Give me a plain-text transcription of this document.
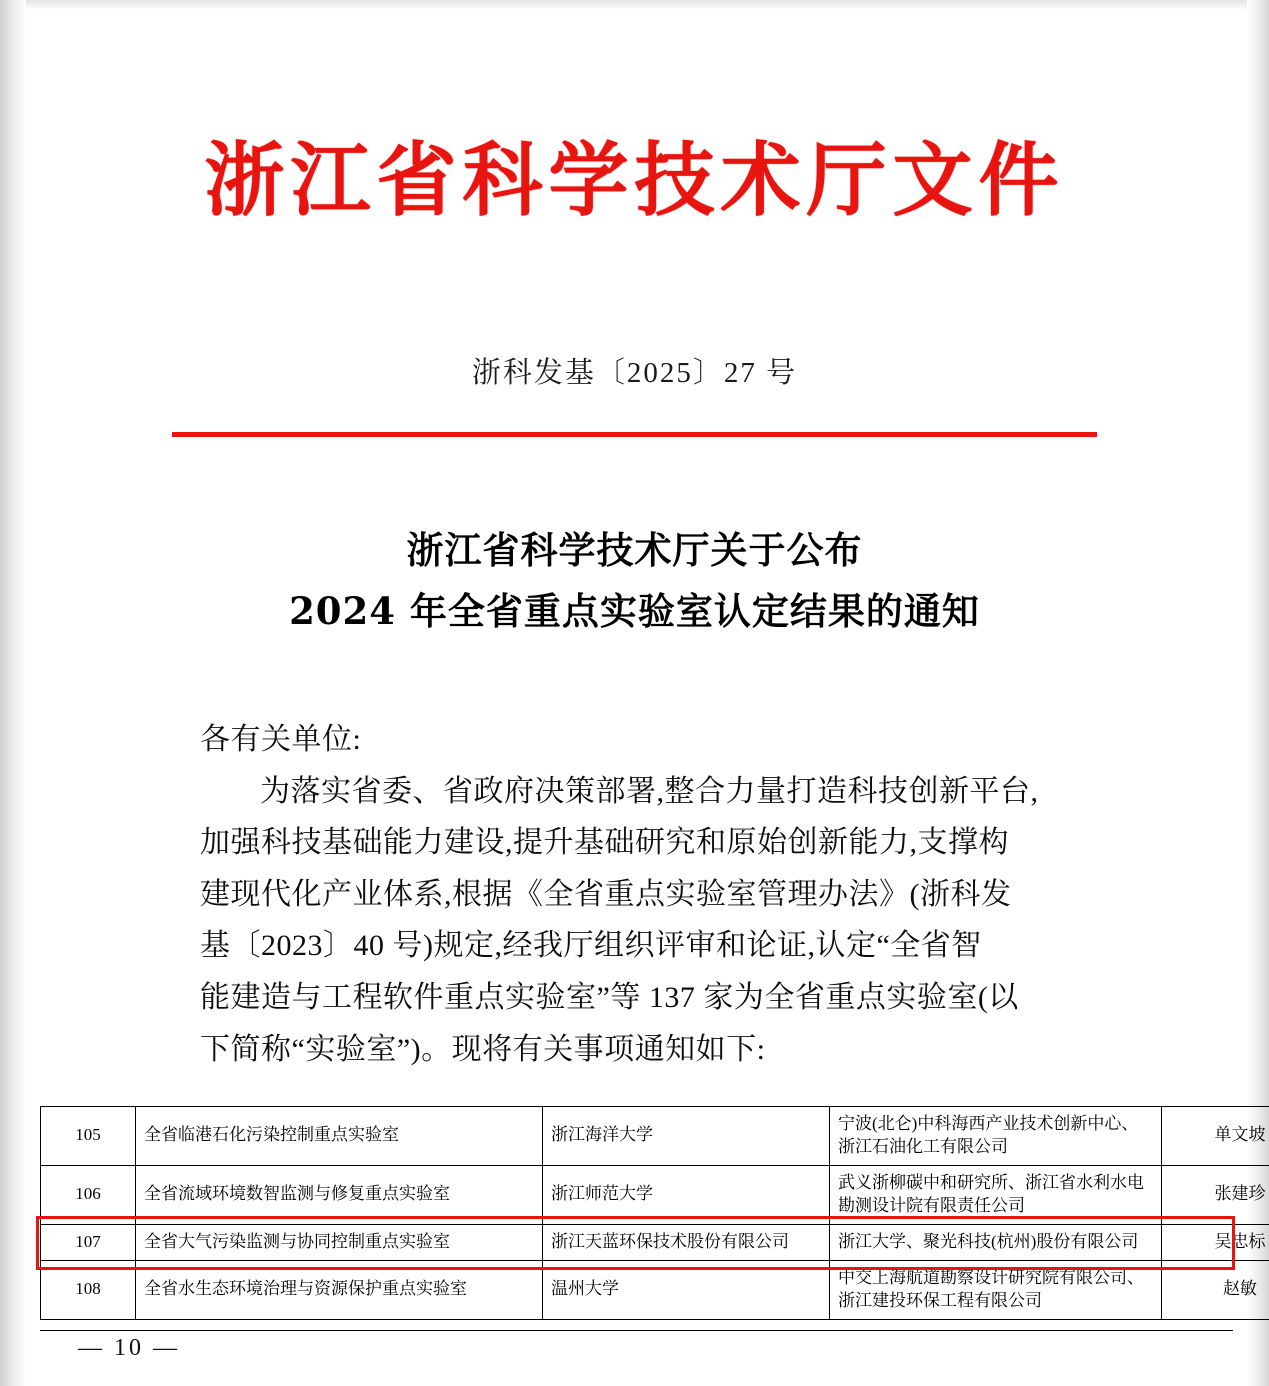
浙江省科学技术厅文件
浙科发基〔2025〕27 号
浙江省科学技术厅关于公布
2024 年全省重点实验室认定结果的通知

各有关单位:

为落实省委、省政府决策部署,整合力量打造科技创新平台,

加强科技基础能力建设,提升基础研究和原始创新能力,支撑构

建现代化产业体系,根据《全省重点实验室管理办法》(浙科发

基〔2023〕40 号)规定,经我厅组织评审和论证,认定“全省智

能建造与工程软件重点实验室”等 137 家为全省重点实验室(以

下简称“实验室”)。现将有关事项通知如下:

105	全省临港石化污染控制重点实验室	浙江海洋大学	宁波(北仑)中科海西产业技术创新中心、浙江石油化工有限公司	单文坡
106	全省流域环境数智监测与修复重点实验室	浙江师范大学	武义浙柳碳中和研究所、浙江省水利水电勘测设计院有限责任公司	张建珍
107	全省大气污染监测与协同控制重点实验室	浙江天蓝环保技术股份有限公司	浙江大学、聚光科技(杭州)股份有限公司	吴忠标
108	全省水生态环境治理与资源保护重点实验室	温州大学	中交上海航道勘察设计研究院有限公司、浙江建投环保工程有限公司	赵敏
— 10 —
